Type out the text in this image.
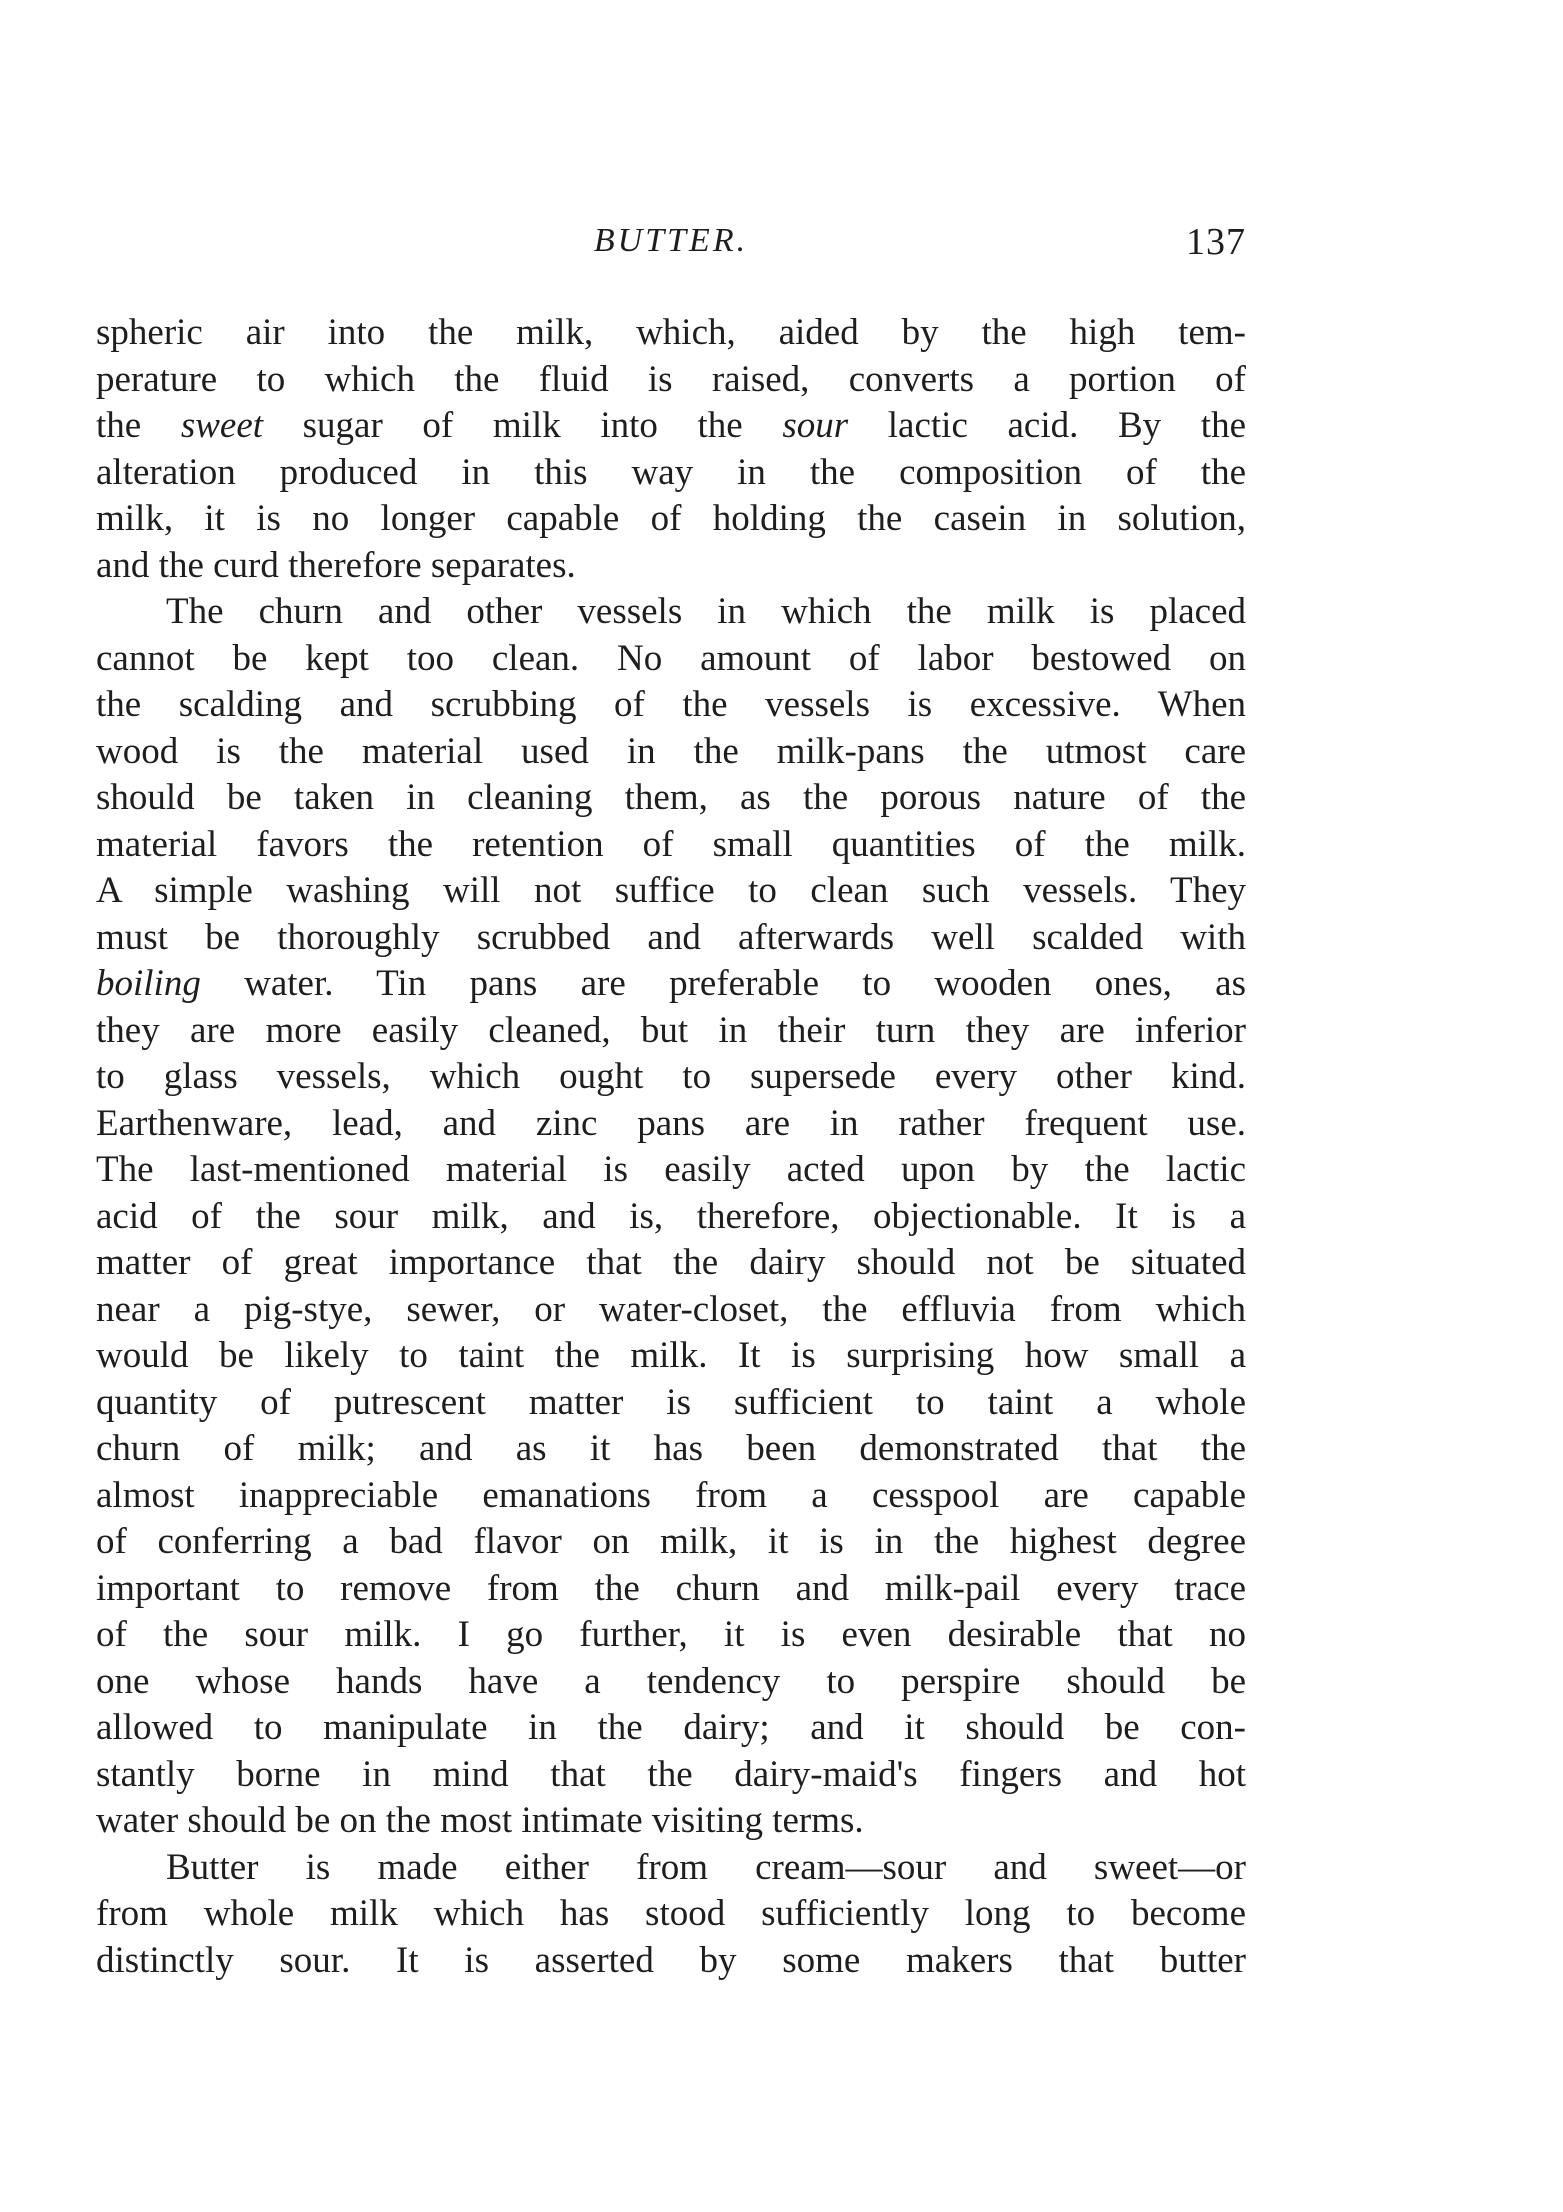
BUTTER.	137
spheric air into the milk, which, aided by the high tem-
perature to which the fluid is raised, converts a portion of
the sweet sugar of milk into the sour lactic acid. By the
alteration produced in this way in the composition of the
milk, it is no longer capable of holding the casein in solution,
and the curd therefore separates.
The churn and other vessels in which the milk is placed
cannot be kept too clean. No amount of labor bestowed on
the scalding and scrubbing of the vessels is excessive. When
wood is the material used in the milk-pans the utmost care
should be taken in cleaning them, as the porous nature of the
material favors the retention of small quantities of the milk.
A simple washing will not suffice to clean such vessels. They
must be thoroughly scrubbed and afterwards well scalded with
boiling water. Tin pans are preferable to wooden ones, as
they are more easily cleaned, but in their turn they are inferior
to glass vessels, which ought to supersede every other kind.
Earthenware, lead, and zinc pans are in rather frequent use.
The last-mentioned material is easily acted upon by the lactic
acid of the sour milk, and is, therefore, objectionable. It is a
matter of great importance that the dairy should not be situated
near a pig-stye, sewer, or water-closet, the effluvia from which
would be likely to taint the milk. It is surprising how small a
quantity of putrescent matter is sufficient to taint a whole
churn of milk; and as it has been demonstrated that the
almost inappreciable emanations from a cesspool are capable
of conferring a bad flavor on milk, it is in the highest degree
important to remove from the churn and milk-pail every trace
of the sour milk. I go further, it is even desirable that no
one whose hands have a tendency to perspire should be
allowed to manipulate in the dairy; and it should be con-
stantly borne in mind that the dairy-maid's fingers and hot
water should be on the most intimate visiting terms.
Butter is made either from cream—sour and sweet—or
from whole milk which has stood sufficiently long to become
distinctly sour. It is asserted by some makers that butter
